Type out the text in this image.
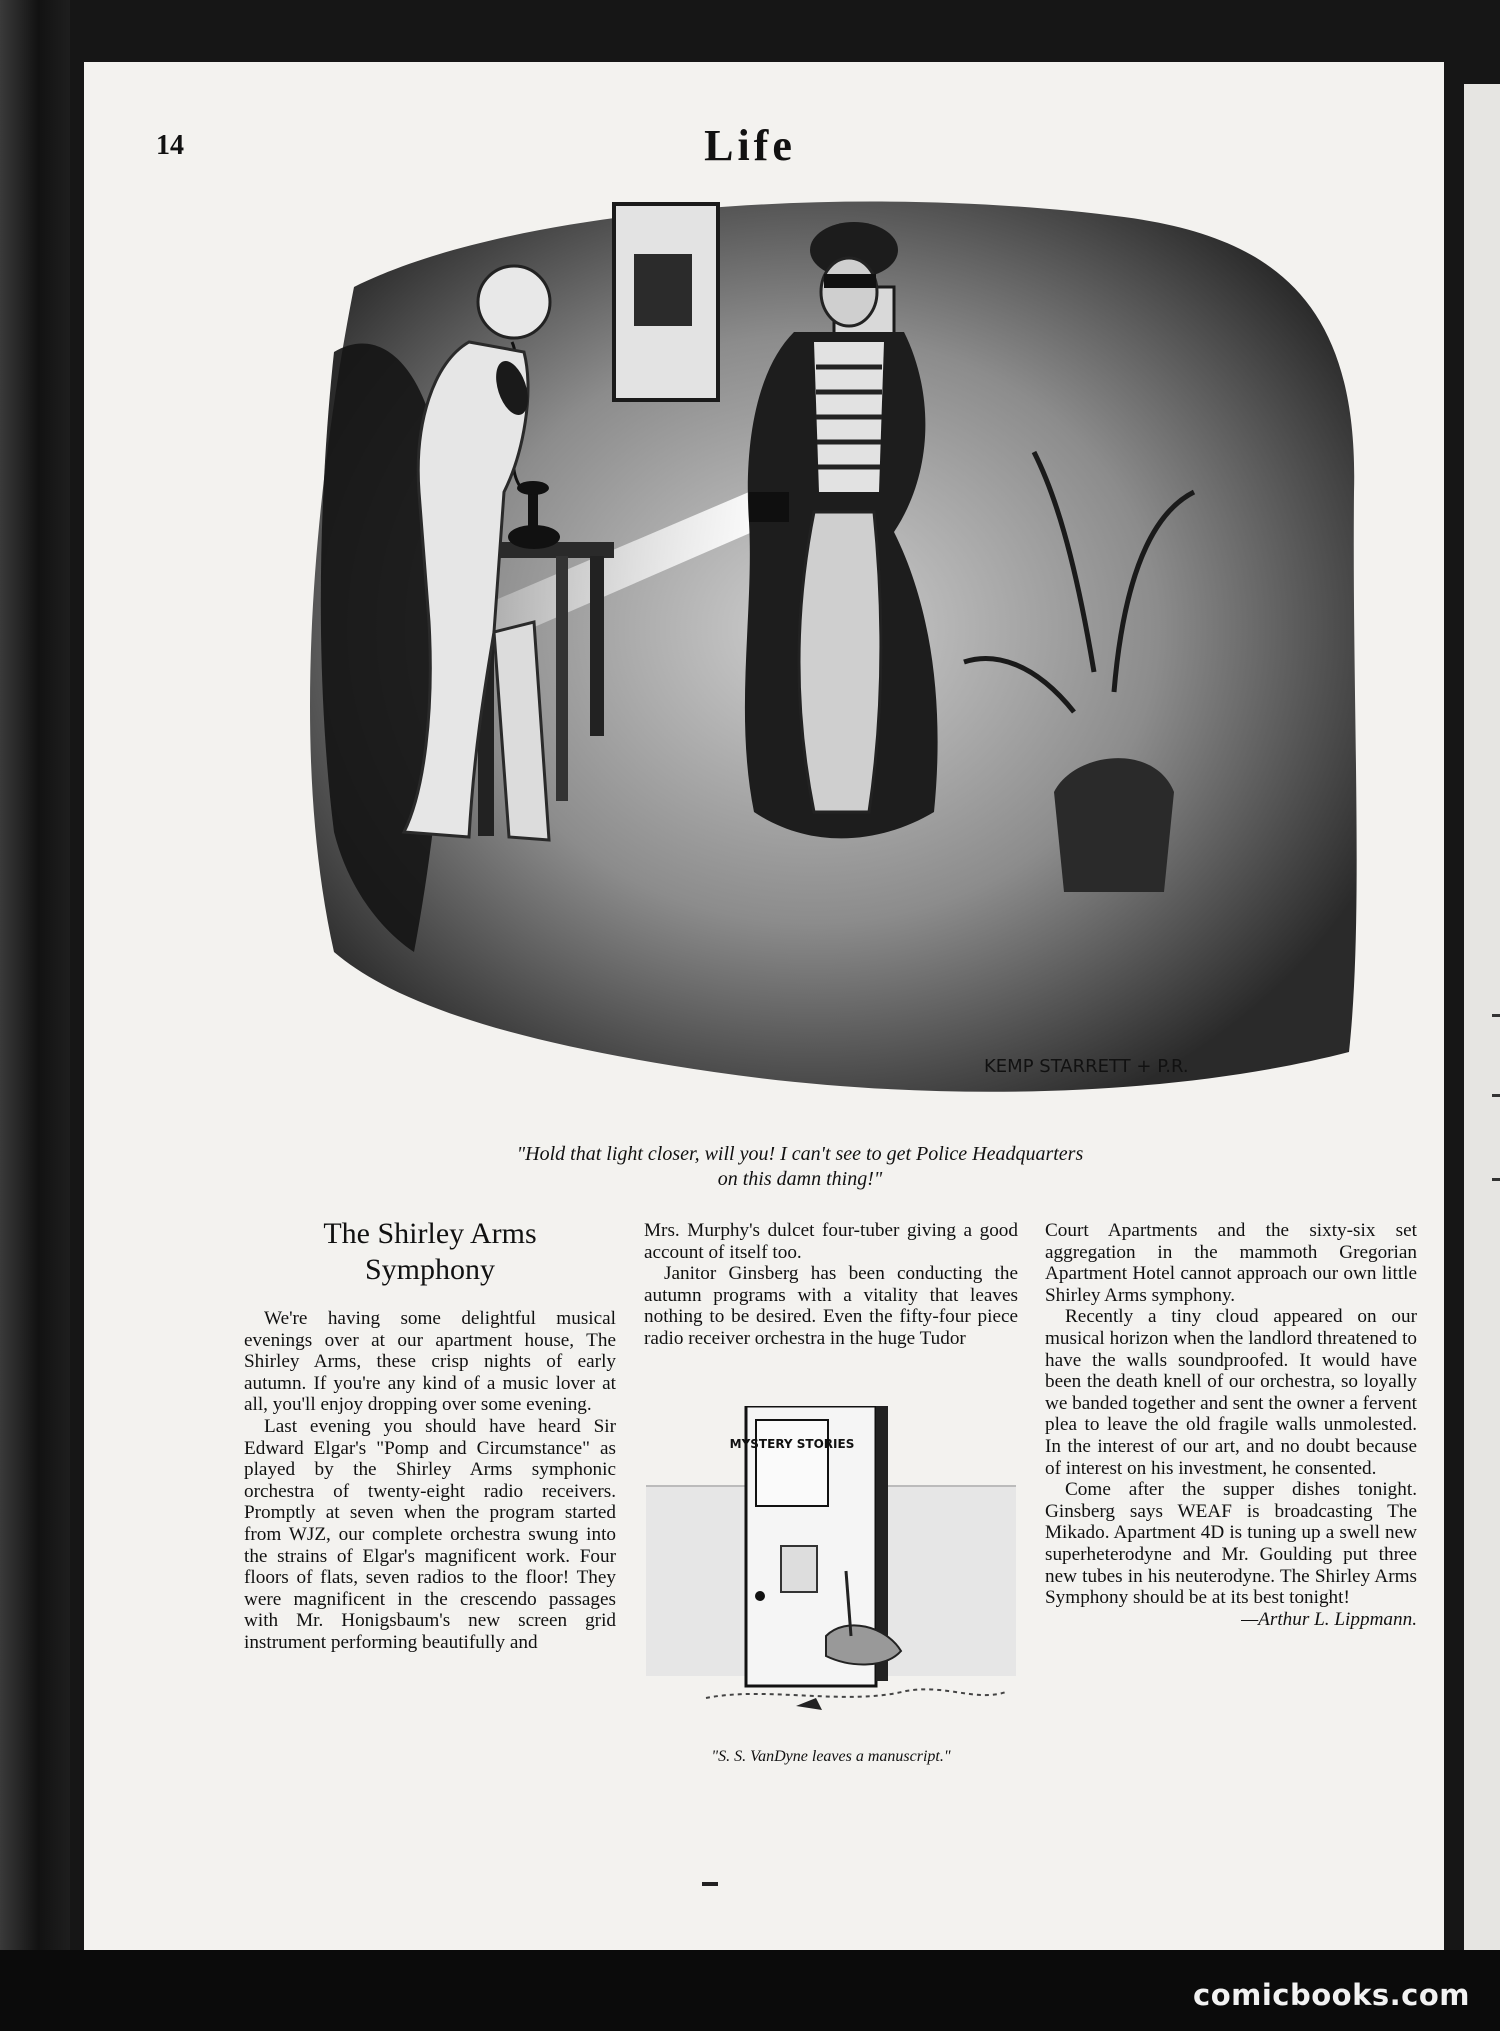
14	Life
KEMP STARRETT + P.R.
"Hold that light closer, will you! I can't see to get Police Headquarters
on this damn thing!"
The Shirley Arms
Symphony

We're having some delightful musical evenings over at our apartment house, The Shirley Arms, these crisp nights of early autumn. If you're any kind of a music lover at all, you'll enjoy dropping over some evening.

Last evening you should have heard Sir Edward Elgar's "Pomp and Circumstance" as played by the Shirley Arms symphonic orchestra of twenty-eight radio receivers. Promptly at seven when the program started from WJZ, our complete orchestra swung into the strains of Elgar's magnificent work. Four floors of flats, seven radios to the floor! They were magnificent in the crescendo passages with Mr. Honigsbaum's new screen grid instrument performing beautifully and

Mrs. Murphy's dulcet four-tuber giving a good account of itself too.

Janitor Ginsberg has been conducting the autumn programs with a vitality that leaves nothing to be desired. Even the fifty-four piece radio receiver orchestra in the huge Tudor

MYSTERY STORIES
"S. S. VanDyne leaves a manuscript."

Court Apartments and the sixty-six set aggregation in the mammoth Gregorian Apartment Hotel cannot approach our own little Shirley Arms symphony.

Recently a tiny cloud appeared on our musical horizon when the landlord threatened to have the walls soundproofed. It would have been the death knell of our orchestra, so loyally we banded together and sent the owner a fervent plea to leave the old fragile walls unmolested. In the interest of our art, and no doubt because of interest on his investment, he consented.

Come after the supper dishes tonight. Ginsberg says WEAF is broadcasting The Mikado. Apartment 4D is tuning up a swell new superheterodyne and Mr. Goulding put three new tubes in his neuterodyne. The Shirley Arms Symphony should be at its best tonight!

—Arthur L. Lippmann.

comicbooks.com
